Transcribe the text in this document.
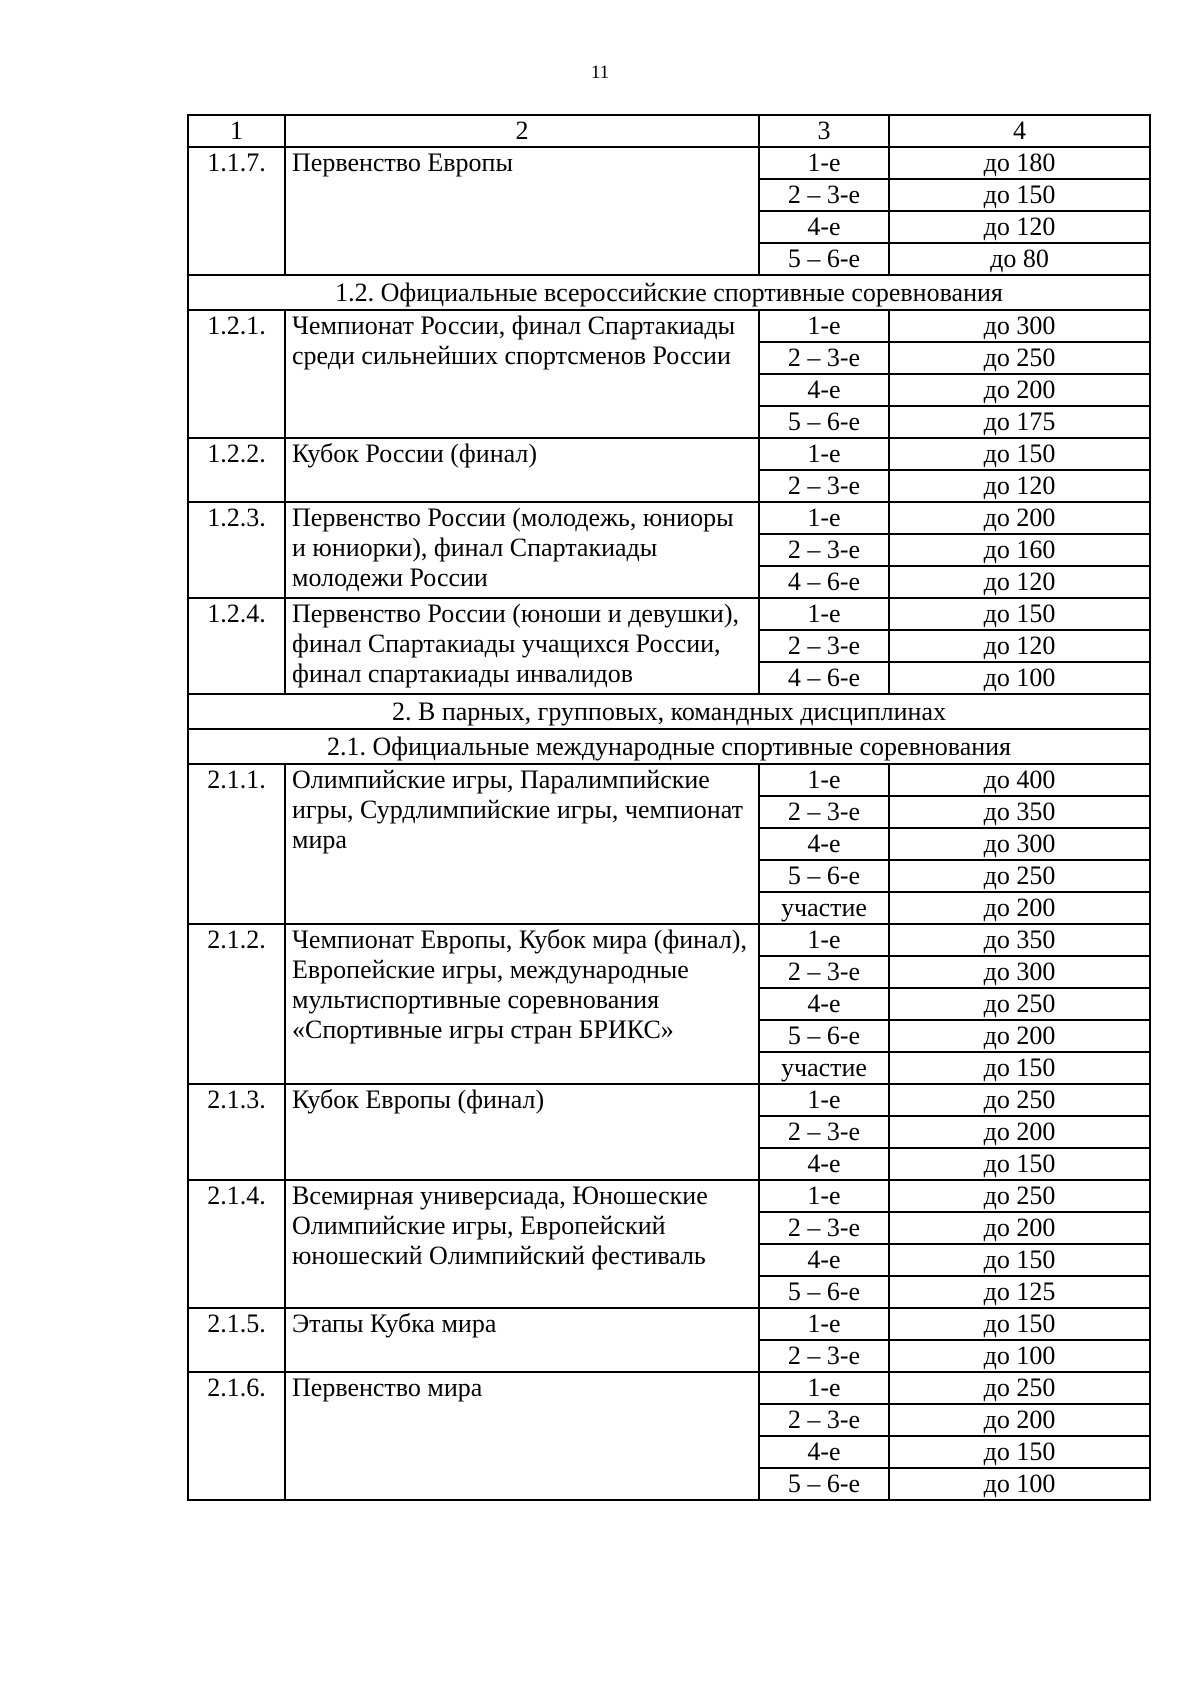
11
1	2	3	4
1.1.7.	Первенство Европы	1-е	до 180
		2 – 3-е	до 150
		4-е	до 120
		5 – 6-е	до 80
1.2. Официальные всероссийские спортивные соревнования			
1.2.1.	Чемпионат России, финал Спартакиады среди сильнейших спортсменов России	1-е	до 300
		2 – 3-е	до 250
		4-е	до 200
		5 – 6-е	до 175
1.2.2.	Кубок России (финал)	1-е	до 150
		2 – 3-е	до 120
1.2.3.	Первенство России (молодежь, юниоры и юниорки), финал Спартакиады молодежи России	1-е	до 200
		2 – 3-е	до 160
		4 – 6-е	до 120
1.2.4.	Первенство России (юноши и девушки), финал Спартакиады учащихся России, финал спартакиады инвалидов	1-е	до 150
		2 – 3-е	до 120
		4 – 6-е	до 100
2. В парных, групповых, командных дисциплинах			
2.1. Официальные международные спортивные соревнования			
2.1.1.	Олимпийские игры, Паралимпийские игры, Сурдлимпийские игры, чемпионат мира	1-е	до 400
		2 – 3-е	до 350
		4-е	до 300
		5 – 6-е	до 250
		участие	до 200
2.1.2.	Чемпионат Европы, Кубок мира (финал), Европейские игры, международные мультиспортивные соревнования «Спортивные игры стран БРИКС»	1-е	до 350
		2 – 3-е	до 300
		4-е	до 250
		5 – 6-е	до 200
		участие	до 150
2.1.3.	Кубок Европы (финал)	1-е	до 250
		2 – 3-е	до 200
		4-е	до 150
2.1.4.	Всемирная универсиада, Юношеские Олимпийские игры, Европейский юношеский Олимпийский фестиваль	1-е	до 250
		2 – 3-е	до 200
		4-е	до 150
		5 – 6-е	до 125
2.1.5.	Этапы Кубка мира	1-е	до 150
		2 – 3-е	до 100
2.1.6.	Первенство мира	1-е	до 250
		2 – 3-е	до 200
		4-е	до 150
		5 – 6-е	до 100
